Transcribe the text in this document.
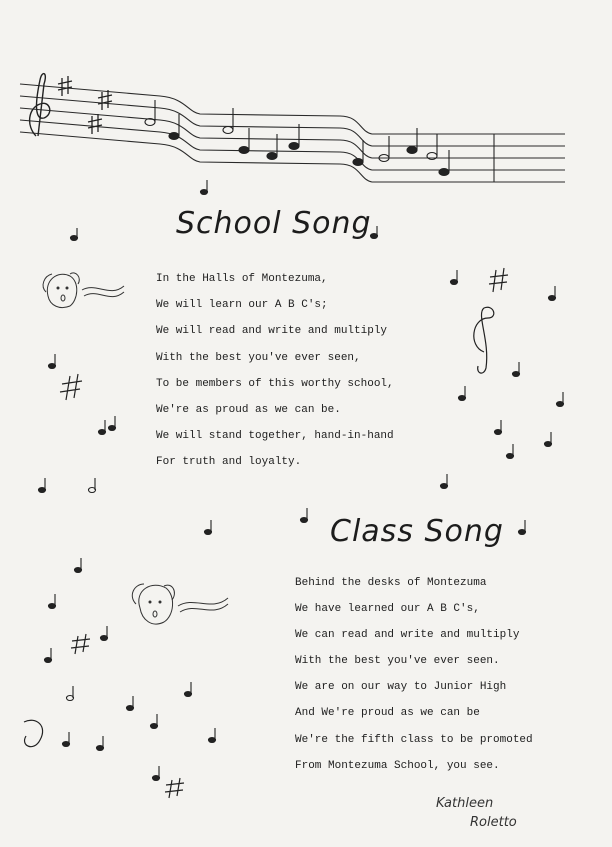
School Song
In the Halls of Montezuma,
We will learn our A B C's;
We will read and write and multiply
With the best you've ever seen,
To be members of this worthy school,
We're as proud as we can be.
We will stand together, hand-in-hand
For truth and loyalty.
Class Song
Behind the desks of Montezuma
We have learned our A B C's,
We can read and write and multiply
With the best you've ever seen.
We are on our way to Junior High
And We're proud as we can be
We're the fifth class to be promoted
From Montezuma School, you see.
Kathleen
Roletto
